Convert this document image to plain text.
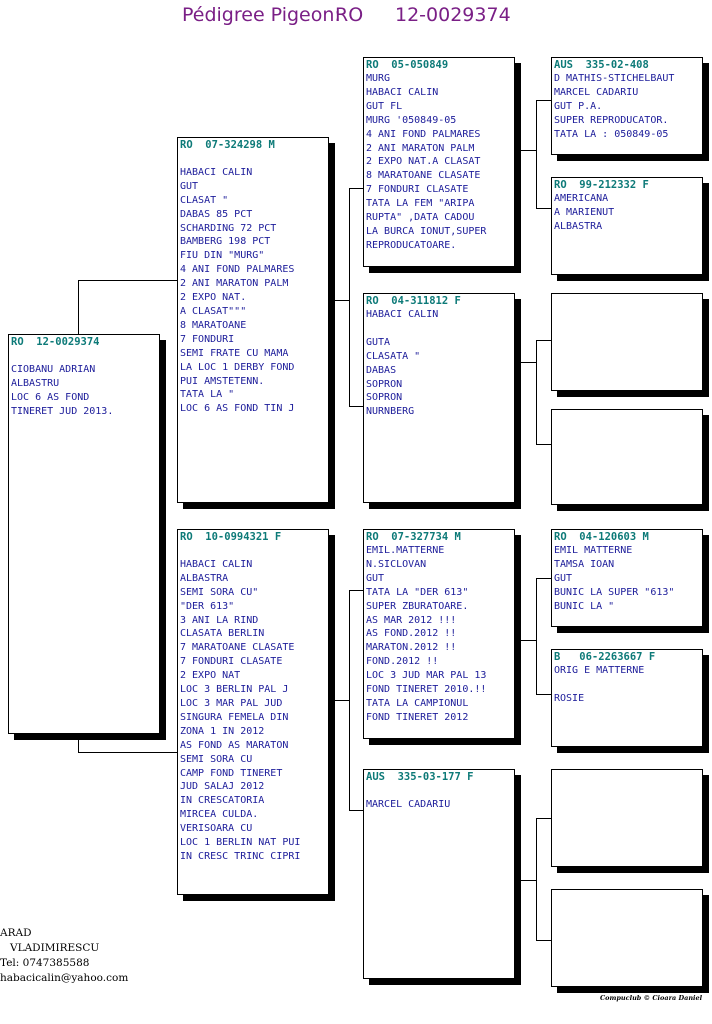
Pédigree Pigeon:

RO

12-0029374

RO  12-0029374

CIOBANU ADRIAN
ALBASTRU
LOC 6 AS FOND
TINERET JUD 2013.

RO  07-324298 M

HABACI CALIN
GUT
CLASAT "
DABAS 85 PCT
SCHARDING 72 PCT
BAMBERG 198 PCT
FIU DIN "MURG"
4 ANI FOND PALMARES
2 ANI MARATON PALM
2 EXPO NAT.
A CLASAT"""
8 MARATOANE
7 FONDURI
SEMI FRATE CU MAMA
LA LOC 1 DERBY FOND
PUI AMSTETENN.
TATA LA "
LOC 6 AS FOND TIN J

RO  10-0994321 F

HABACI CALIN
ALBASTRA
SEMI SORA CU"
"DER 613"
3 ANI LA RIND
CLASATA BERLIN
7 MARATOANE CLASATE
7 FONDURI CLASATE
2 EXPO NAT
LOC 3 BERLIN PAL J
LOC 3 MAR PAL JUD
SINGURA FEMELA DIN
ZONA 1 IN 2012
AS FOND AS MARATON
SEMI SORA CU
CAMP FOND TINERET
JUD SALAJ 2012
IN CRESCATORIA
MIRCEA CULDA.
VERISOARA CU
LOC 1 BERLIN NAT PUI
IN CRESC TRINC CIPRI

RO  05-050849

MURG
HABACI CALIN
GUT FL
MURG '050849-05
4 ANI FOND PALMARES
2 ANI MARATON PALM
2 EXPO NAT.A CLASAT
8 MARATOANE CLASATE
7 FONDURI CLASATE
TATA LA FEM "ARIPA
RUPTA" ,DATA CADOU
LA BURCA IONUT,SUPER
REPRODUCATOARE.

RO  04-311812 F

HABACI CALIN

GUTA
CLASATA "
DABAS
SOPRON
SOPRON
NURNBERG

RO  07-327734 M

EMIL.MATTERNE
N.SICLOVAN
GUT
TATA LA "DER 613"
SUPER ZBURATOARE.
AS MAR 2012 !!!
AS FOND.2012 !!
MARATON.2012 !!
FOND.2012 !!
LOC 3 JUD MAR PAL 13
FOND TINERET 2010.!!
TATA LA CAMPIONUL
FOND TINERET 2012

AUS  335-03-177 F

MARCEL CADARIU

AUS  335-02-408

D MATHIS-STICHELBAUT
MARCEL CADARIU
GUT P.A.
SUPER REPRODUCATOR.
TATA LA : 050849-05

RO  99-212332 F

AMERICANA
A MARIENUT
ALBASTRA

RO  04-120603 M

EMIL MATTERNE
TAMSA IOAN
GUT
BUNIC LA SUPER "613"
BUNIC LA "

B   06-2263667 F

ORIG E MATTERNE

ROSIE

ARAD
VLADIMIRESCU
Tel: 0747385588
habacicalin@yahoo.com
Compuclub © Cioara Daniel
